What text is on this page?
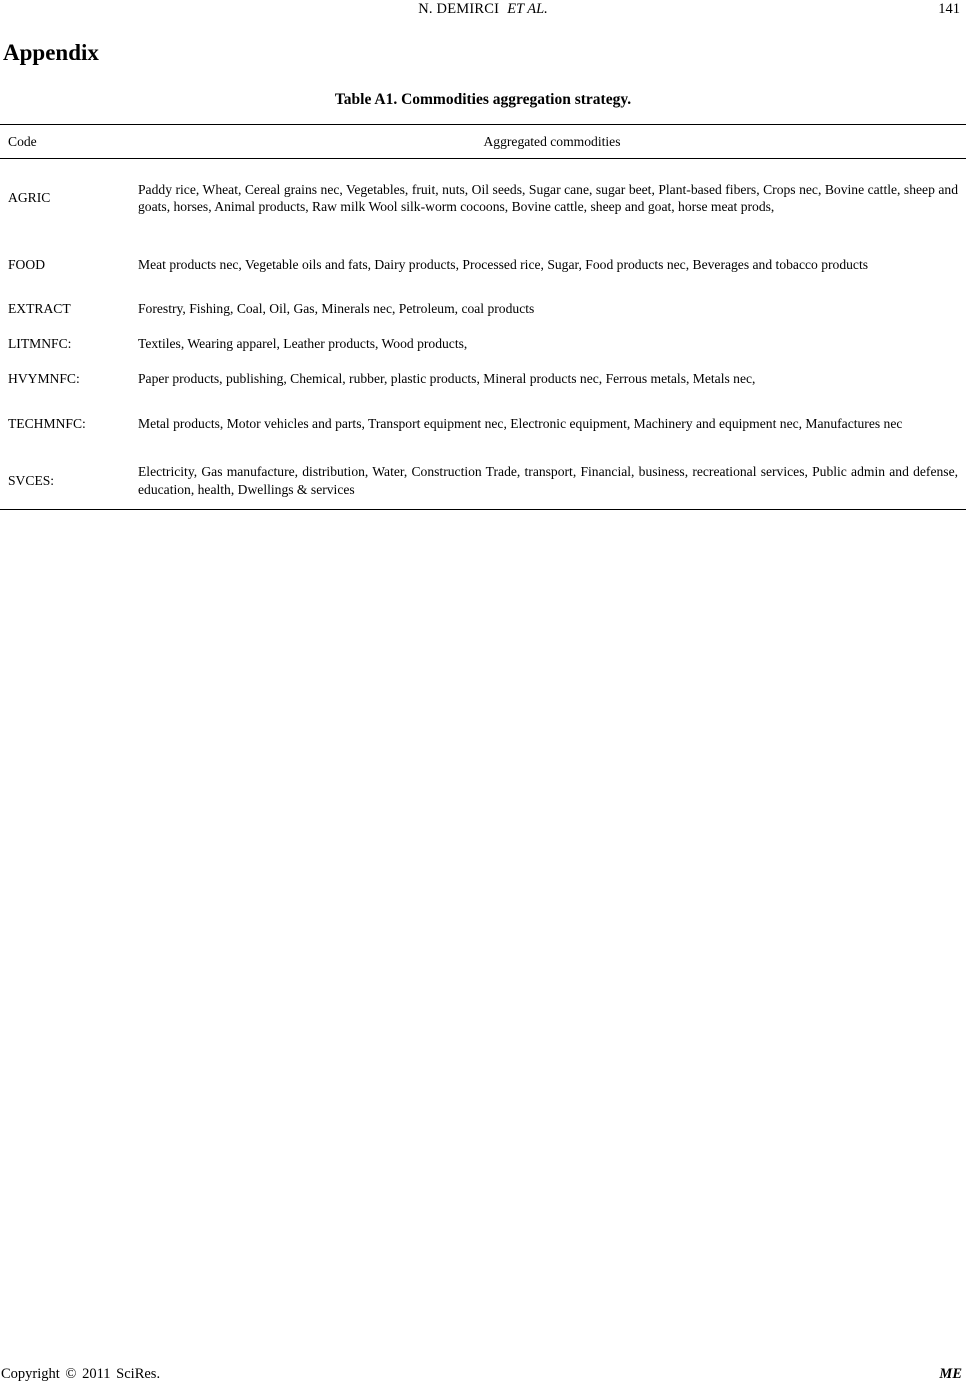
N. DEMIRCI ET AL.	141
Appendix

Table A1. Commodities aggregation strategy.

Code	Aggregated commodities
AGRIC	Paddy rice, Wheat, Cereal grains nec, Vegetables, fruit, nuts, Oil seeds, Sugar cane, sugar beet, Plant-based fibers, Crops nec, Bovine cattle, sheep and goats, horses, Animal products, Raw milk Wool silk-worm cocoons, Bovine cattle, sheep and goat, horse meat prods,
FOOD	Meat products nec, Vegetable oils and fats, Dairy products, Processed rice, Sugar, Food products nec, Beverages and tobacco products
EXTRACT	Forestry, Fishing, Coal, Oil, Gas, Minerals nec, Petroleum, coal products
LITMNFC:	Textiles, Wearing apparel, Leather products, Wood products,
HVYMNFC:	Paper products, publishing, Chemical, rubber, plastic products, Mineral products nec, Ferrous metals, Metals nec,
TECHMNFC:	Metal products, Motor vehicles and parts, Transport equipment nec, Electronic equipment, Machinery and equipment nec, Manufactures nec
SVCES:	Electricity, Gas manufacture, distribution, Water, Construction Trade, transport, Financial, business, recreational services, Public admin and defense, education, health, Dwellings & services
Copyright © 2011 SciRes.	ME
